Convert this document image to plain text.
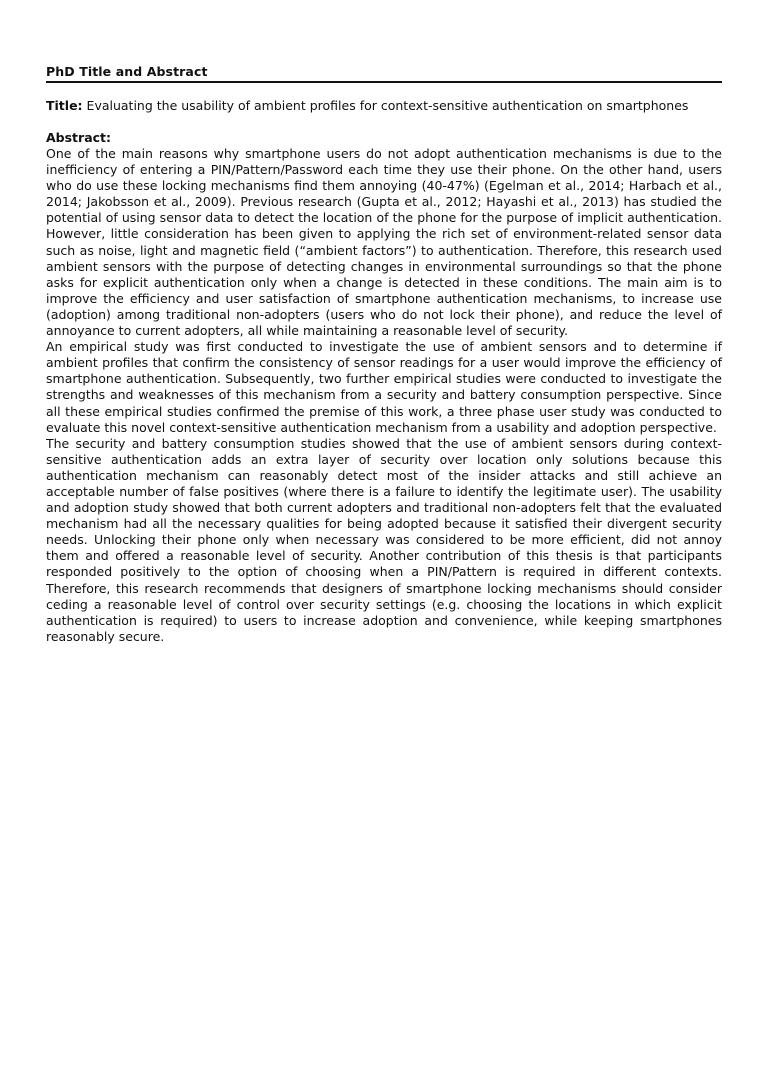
PhD Title and Abstract
Title: Evaluating the usability of ambient profiles for context-sensitive authentication on smartphones
Abstract:

One of the main reasons why smartphone users do not adopt authentication mechanisms is due to the inefficiency of entering a PIN/Pattern/Password each time they use their phone. On the other hand, users who do use these locking mechanisms find them annoying (40-47%) (Egelman et al., 2014; Harbach et al., 2014; Jakobsson et al., 2009). Previous research (Gupta et al., 2012; Hayashi et al., 2013) has studied the potential of using sensor data to detect the location of the phone for the purpose of implicit authentication. However, little consideration has been given to applying the rich set of environment-related sensor data such as noise, light and magnetic field (“ambient factors”) to authentication. Therefore, this research used ambient sensors with the purpose of detecting changes in environmental surroundings so that the phone asks for explicit authentication only when a change is detected in these conditions. The main aim is to improve the efficiency and user satisfaction of smartphone authentication mechanisms, to increase use (adoption) among traditional non-adopters (users who do not lock their phone), and reduce the level of annoyance to current adopters, all while maintaining a reasonable level of security.

An empirical study was first conducted to investigate the use of ambient sensors and to determine if ambient profiles that confirm the consistency of sensor readings for a user would improve the efficiency of smartphone authentication. Subsequently, two further empirical studies were conducted to investigate the strengths and weaknesses of this mechanism from a security and battery consumption perspective. Since all these empirical studies confirmed the premise of this work, a three phase user study was conducted to evaluate this novel context-sensitive authentication mechanism from a usability and adoption perspective.

The security and battery consumption studies showed that the use of ambient sensors during context-sensitive authentication adds an extra layer of security over location only solutions because this authentication mechanism can reasonably detect most of the insider attacks and still achieve an acceptable number of false positives (where there is a failure to identify the legitimate user). The usability and adoption study showed that both current adopters and traditional non-adopters felt that the evaluated mechanism had all the necessary qualities for being adopted because it satisfied their divergent security needs. Unlocking their phone only when necessary was considered to be more efficient, did not annoy them and offered a reasonable level of security. Another contribution of this thesis is that participants responded positively to the option of choosing when a PIN/Pattern is required in different contexts. Therefore, this research recommends that designers of smartphone locking mechanisms should consider ceding a reasonable level of control over security settings (e.g. choosing the locations in which explicit authentication is required) to users to increase adoption and convenience, while keeping smartphones reasonably secure.
